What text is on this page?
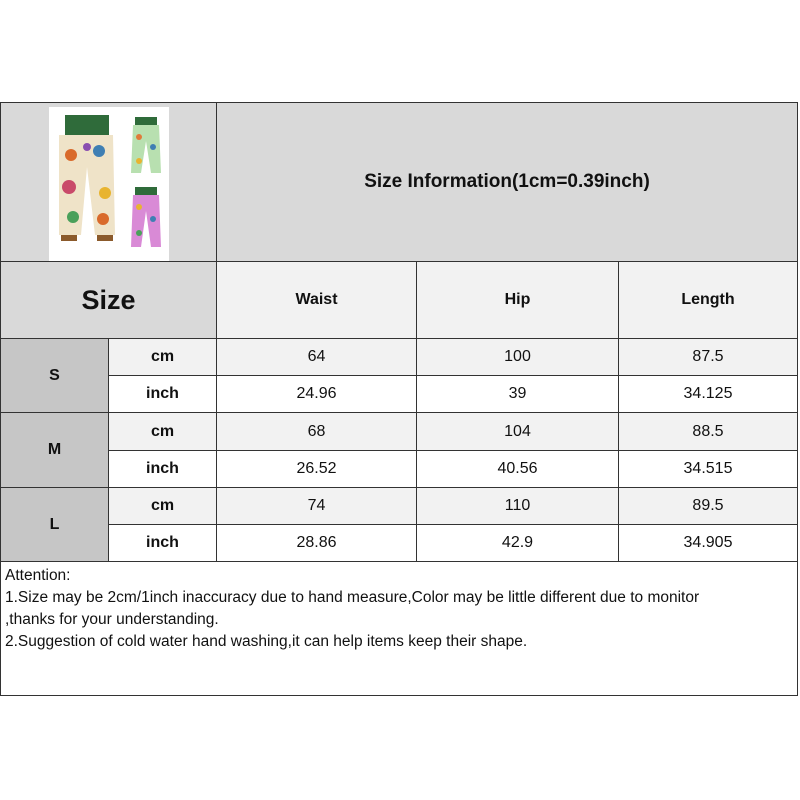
Size Information(1cm=0.39inch)
Size	Waist	Hip	Length
S
cm	64	100	87.5
inch	24.96	39	34.125
M
cm	68	104	88.5
inch	26.52	40.56	34.515
L
cm	74	110	89.5
inch	28.86	42.9	34.905
Attention:
1.Size may be 2cm/1inch inaccuracy due to hand measure,Color may be little different due to monitor
,thanks for your understanding.
2.Suggestion of cold water hand washing,it can help items keep their shape.
